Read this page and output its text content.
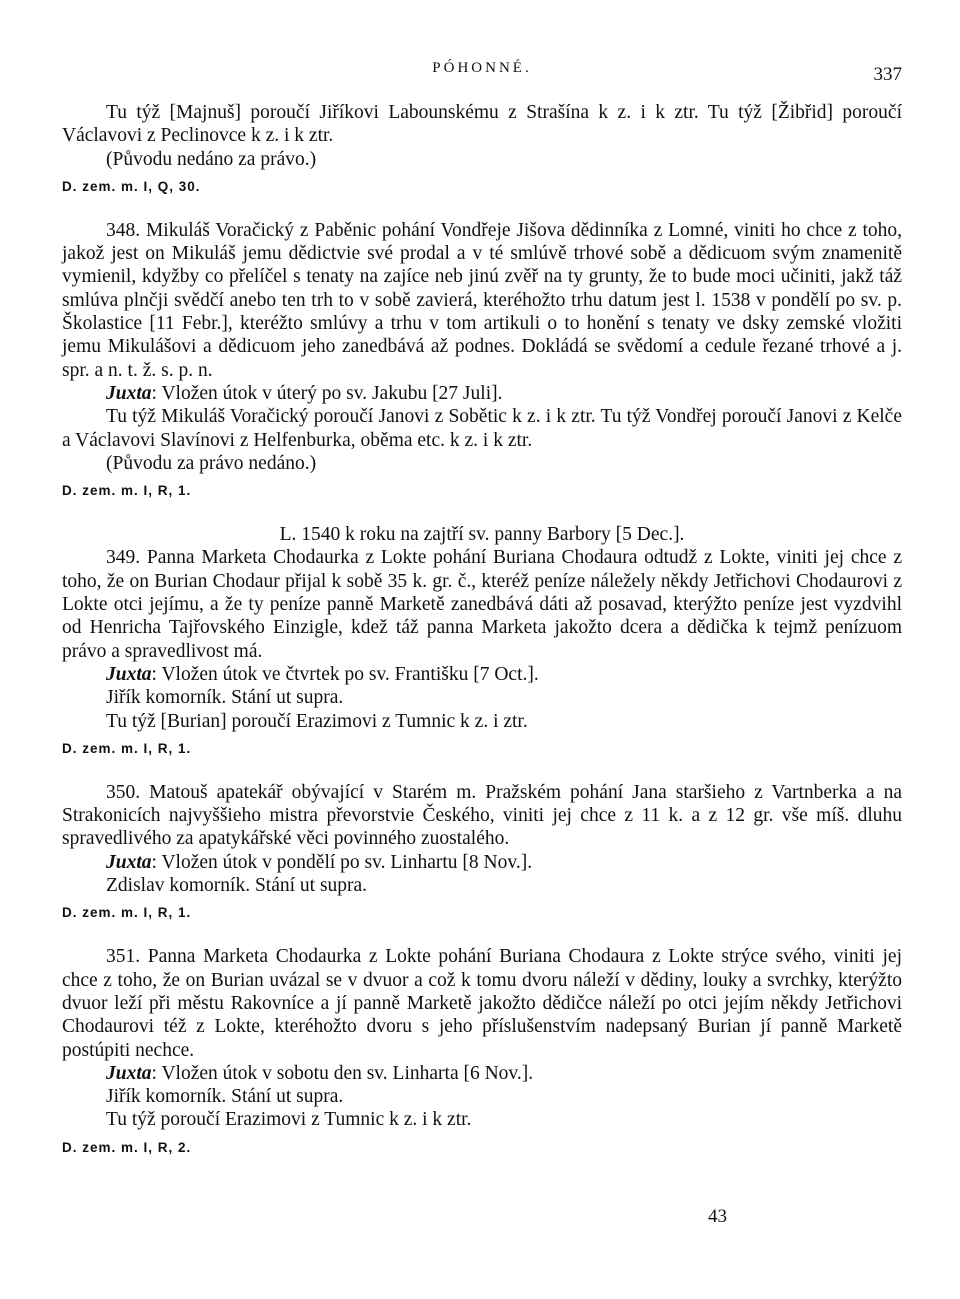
PÓHONNÉ.	337

Tu týž [Majnuš] poroučí Jiříkovi Labounskému z Strašína k z. i k ztr. Tu týž [Žibřid] poroučí Václavovi z Peclinovce k z. i k ztr.

(Původu nedáno za právo.)

D. zem. m. I, Q, 30.

348. Mikuláš Voračický z Paběnic pohání Vondřeje Jišova dědinníka z Lomné, viniti ho chce z toho, jakož jest on Mikuláš jemu dědictvie své prodal a v té smlúvě trhové sobě a dědicuom svým znamenitě vymienil, kdyžby co přelíčel s tenaty na zajíce neb jinú zvěř na ty grunty, že to bude moci učiniti, jakž táž smlúva plnčji svědčí anebo ten trh to v sobě zavierá, kteréhožto trhu datum jest l. 1538 v pondělí po sv. p. Školastice [11 Febr.], kteréžto smlúvy a trhu v tom artikuli o to honění s tenaty ve dsky zemské vložiti jemu Mikulášovi a dědicuom jeho zanedbává až podnes. Dokládá se svědomí a cedule řezané trhové a j. spr. a n. t. ž. s. p. n.

Juxta: Vložen útok v úterý po sv. Jakubu [27 Juli].

Tu týž Mikuláš Voračický poroučí Janovi z Sobětic k z. i k ztr. Tu týž Vondřej poroučí Janovi z Kelče a Václavovi Slavínovi z Helfenburka, oběma etc. k z. i k ztr.

(Původu za právo nedáno.)

D. zem. m. I, R, 1.

L. 1540 k roku na zajtří sv. panny Barbory [5 Dec.].

349. Panna Marketa Chodaurka z Lokte pohání Buriana Chodaura odtudž z Lokte, viniti jej chce z toho, že on Burian Chodaur přijal k sobě 35 k. gr. č., kteréž peníze náležely někdy Jetřichovi Chodaurovi z Lokte otci jejímu, a že ty peníze panně Marketě zanedbává dáti až posavad, kterýžto peníze jest vyzdvihl od Henricha Tajřovského Einzigle, kdež táž panna Marketa jakožto dcera a dědička k tejmž penízuom právo a spravedlivost má.

Juxta: Vložen útok ve čtvrtek po sv. Františku [7 Oct.].

Jiřík komorník. Stání ut supra.

Tu týž [Burian] poroučí Erazimovi z Tumnic k z. i ztr.

D. zem. m. I, R, 1.

350. Matouš apatekář obývající v Starém m. Pražském pohání Jana staršieho z Vartnberka a na Strakonicích najvyššieho mistra převorstvie Českého, viniti jej chce z 11 k. a z 12 gr. vše míš. dluhu spravedlivého za apatykářské věci povinného zuostalého.

Juxta: Vložen útok v pondělí po sv. Linhartu [8 Nov.].

Zdislav komorník. Stání ut supra.

D. zem. m. I, R, 1.

351. Panna Marketa Chodaurka z Lokte pohání Buriana Chodaura z Lokte strýce svého, viniti jej chce z toho, že on Burian uvázal se v dvuor a což k tomu dvoru náleží v dědiny, louky a svrchky, kterýžto dvuor leží při městu Rakovníce a jí panně Marketě jakožto dědičce náleží po otci jejím někdy Jetřichovi Chodaurovi též z Lokte, kteréhožto dvoru s jeho příslušenstvím nadepsaný Burian jí panně Marketě postúpiti nechce.

Juxta: Vložen útok v sobotu den sv. Linharta [6 Nov.].

Jiřík komorník. Stání ut supra.

Tu týž poroučí Erazimovi z Tumnic k z. i k ztr.

D. zem. m. I, R, 2.

43
